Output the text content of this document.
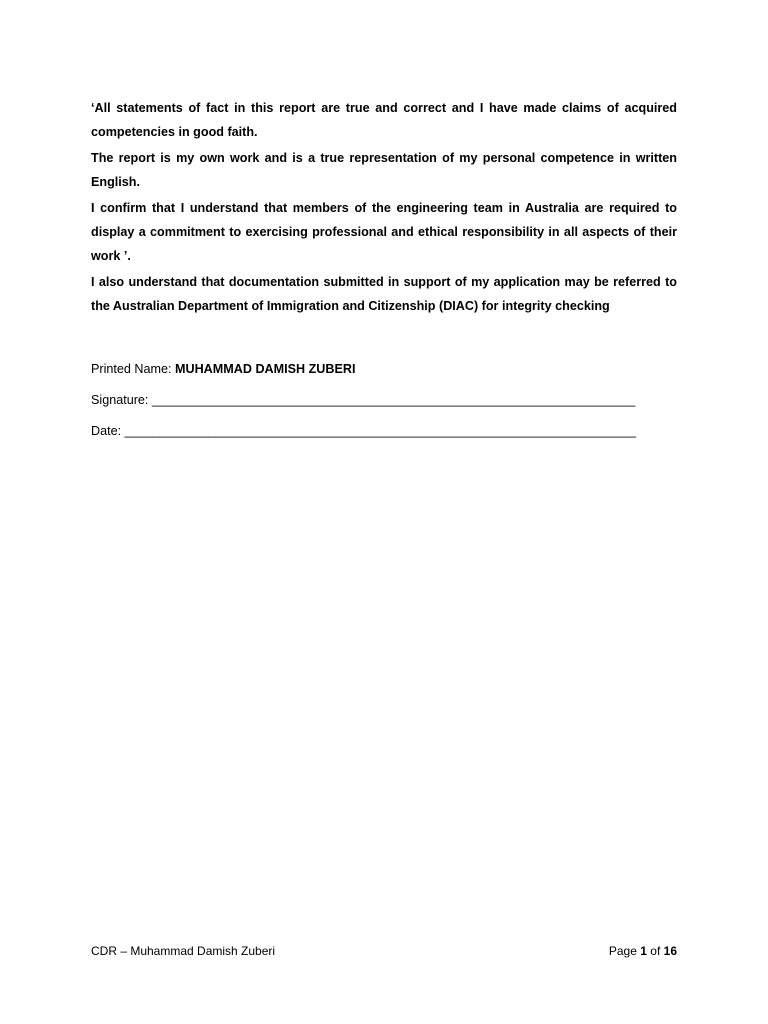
‘All statements of fact in this report are true and correct and I have made claims of acquired competencies in good faith.

The report is my own work and is a true representation of my personal competence in written English.

I confirm that I understand that members of the engineering team in Australia are required to display a commitment to exercising professional and ethical responsibility in all aspects of their work ’.

I also understand that documentation submitted in support of my application may be referred to the Australian Department of Immigration and Citizenship (DIAC) for integrity checking

Printed Name: MUHAMMAD DAMISH ZUBERI
Signature: _____________________________________________________________________
Date: _________________________________________________________________________
CDR – Muhammad Damish Zuberi	Page 1 of 16
